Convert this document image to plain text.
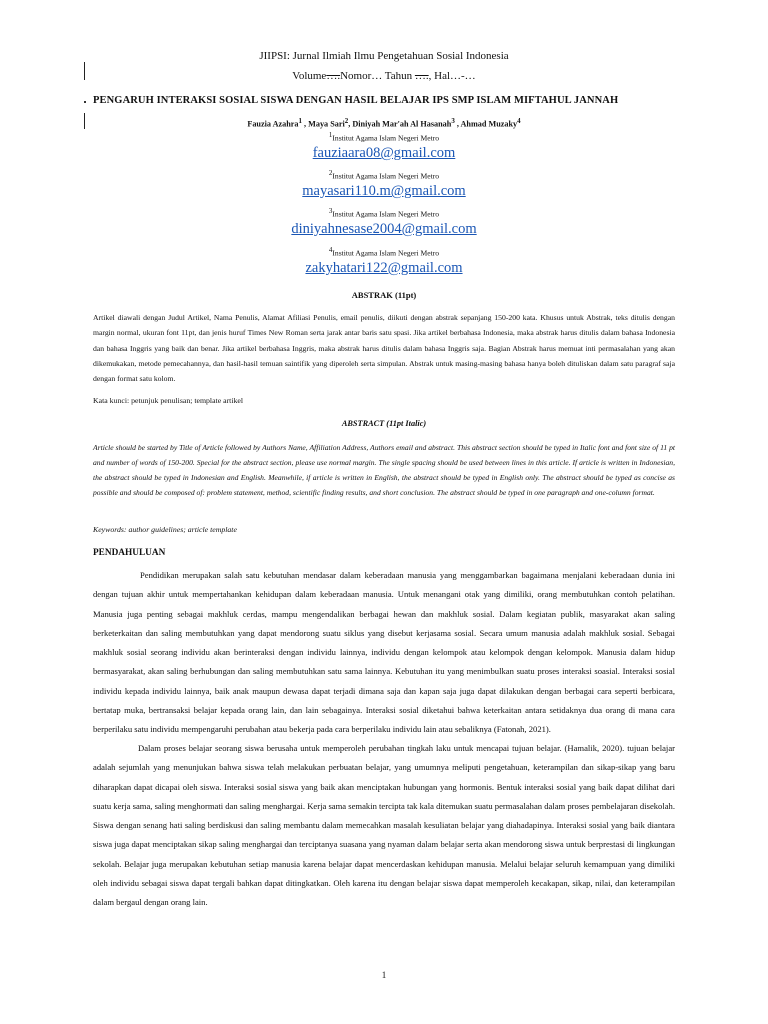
JIIPSI: Jurnal Ilmiah Ilmu Pengetahuan Sosial Indonesia
Volume….Nomor… Tahun …., Hal…-…
PENGARUH INTERAKSI SOSIAL SISWA DENGAN HASIL BELAJAR IPS SMP ISLAM MIFTAHUL JANNAH
Fauzia Azahra$^1$ , Maya Sari$^2$, Diniyah Mar'ah Al Hasanah$^3$ , Ahmad Muzaky$^4$
$^1$Institut Agama Islam Negeri Metro
fauziaara08@gmail.com
$^2$Institut Agama Islam Negeri Metro
mayasari110.m@gmail.com
$^3$Institut Agama Islam Negeri Metro
diniyahnesase2004@gmail.com
$^4$Institut Agama Islam Negeri Metro
zakyhatari122@gmail.com
ABSTRAK (11pt)
Artikel diawali dengan Judul Artikel, Nama Penulis, Alamat Afiliasi Penulis, email penulis, diikuti dengan abstrak sepanjang 150-200 kata. Khusus untuk Abstrak, teks ditulis dengan margin normal, ukuran font 11pt, dan jenis huruf Times New Roman serta jarak antar baris satu spasi. Jika artikel berbahasa Indonesia, maka abstrak harus ditulis dalam bahasa Indonesia dan bahasa Inggris yang baik dan benar. Jika artikel berbahasa Inggris, maka abstrak harus ditulis dalam bahasa Inggris saja. Bagian Abstrak harus memuat inti permasalahan yang akan dikemukakan, metode pemecahannya, dan hasil-hasil temuan saintifik yang diperoleh serta simpulan. Abstrak untuk masing-masing bahasa hanya boleh dituliskan dalam satu paragraf saja dengan format satu kolom.
Kata kunci: petunjuk penulisan; template artikel
ABSTRACT (11pt Italic)
Article should be started by Title of Article followed by Authors Name, Affiliation Address, Authors email and abstract. This abstract section should be typed in Italic font and font size of 11 pt and number of words of 150-200. Special for the abstract section, please use normal margin. The single spacing should be used between lines in this article. If article is written in Indonesian, the abstract should be typed in Indonesian and English. Meanwhile, if article is written in English, the abstract should be typed in English only. The abstract should be typed as concise as possible and should be composed of: problem statement, method, scientific finding results, and short conclusion. The abstract should be typed in one paragraph and one-column format.
Keywords: author guidelines; article template
PENDAHULUAN
Pendidikan merupakan salah satu kebutuhan mendasar dalam keberadaan manusia yang menggambarkan bagaimana menjalani keberadaan dunia ini dengan tujuan akhir untuk mempertahankan kehidupan dalam keberadaan manusia. Untuk menangani otak yang dimiliki, orang membutuhkan contoh pelatihan. Manusia juga penting sebagai makhluk cerdas, mampu mengendalikan berbagai hewan dan makhluk sosial. Dalam kegiatan publik, masyarakat akan saling berketerkaitan dan saling membutuhkan yang dapat mendorong suatu siklus yang disebut kerjasama sosial. Secara umum manusia adalah makhluk sosial. Sebagai makhluk sosial seorang individu akan berinteraksi dengan individu lainnya, individu dengan kelompok atau kelompok dengan kelompok. Manusia dalam hidup bermasyarakat, akan saling berhubungan dan saling membutuhkan satu sama lainnya. Kebutuhan itu yang menimbulkan suatu proses interaksi soasial. Interaksi sosial individu kepada individu lainnya, baik anak maupun dewasa dapat terjadi dimana saja dan kapan saja juga dapat dilakukan dengan berbagai cara seperti berbicara, bertatap muka, bertransaksi belajar kepada orang lain, dan lain sebagainya. Interaksi sosial diketahui bahwa keterkaitan antara setidaknya dua orang di mana cara berperilaku satu individu mempengaruhi perubahan atau bekerja pada cara berperilaku individu lain atau sebaliknya (Fatonah, 2021).
Dalam proses belajar seorang siswa berusaha untuk memperoleh perubahan tingkah laku untuk mencapai tujuan belajar. (Hamalik, 2020). tujuan belajar adalah sejumlah yang menunjukan bahwa siswa telah melakukan perbuatan belajar, yang umumnya meliputi pengetahuan, keterampilan dan sikap-sikap yang baru diharapkan dapat dicapai oleh siswa. Interaksi sosial siswa yang baik akan menciptakan hubungan yang hormonis. Bentuk interaksi sosial yang baik dapat dilihat dari suatu kerja sama, saling menghormati dan saling menghargai. Kerja sama semakin tercipta tak kala ditemukan suatu permasalahan dalam proses pembelajaran disekolah. Siswa dengan senang hati saling berdiskusi dan saling membantu dalam memecahkan masalah kesuliatan belajar yang diahadapinya. Interaksi sosial yang baik diantara siswa juga dapat menciptakan sikap saling menghargai dan terciptanya suasana yang nyaman dalam belajar serta akan mendorong siswa untuk berprestasi di lingkungan sekolah. Belajar juga merupakan kebutuhan setiap manusia karena belajar dapat mencerdaskan kehidupan manusia. Melalui belajar seluruh kemampuan yang dimiliki oleh individu sebagai siswa dapat tergali bahkan dapat ditingkatkan. Oleh karena itu dengan belajar siswa dapat memperoleh kecakapan, sikap, nilai, dan keterampilan dalam bergaul dengan orang lain.
1
